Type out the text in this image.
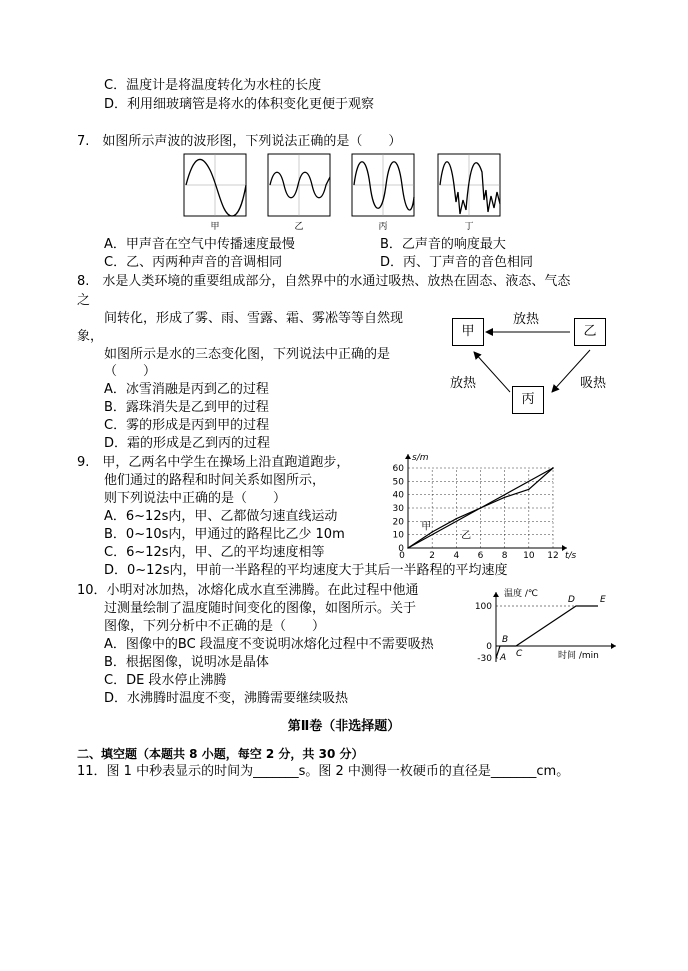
C．温度计是将温度转化为水柱的长度
D．利用细玻璃管是将水的体积变化更便于观察
7.　如图所示声波的波形图，下列说法正确的是（　　）
甲	乙	丙	丁
A．甲声音在空气中传播速度最慢	B．乙声音的响度最大
C．乙、丙两种声音的音调相同	D．丙、丁声音的音色相同
8.　水是人类环境的重要组成部分，自然界中的水通过吸热、放热在固态、液态、气态
之
间转化，形成了雾、雨、雪露、霜、雾凇等等自然现
象，
如图所示是水的三态变化图，下列说法中正确的是
（　　）
A．冰雪消融是丙到乙的过程
B．露珠消失是乙到甲的过程
C．雾的形成是丙到甲的过程
D．霜的形成是乙到丙的过程
甲	乙
丙
放热
放热	吸热
9.　甲，乙两名中学生在操场上沿直跑道跑步，
他们通过的路程和时间关系如图所示，
则下列说法中正确的是（　　）
A．6~12s内，甲、乙都做匀速直线运动
B．0~10s内，甲通过的路程比乙少 10m
C．6~12s内，甲、乙的平均速度相等
D．0~12s内，甲前一半路程的平均速度大于其后一半路程的平均速度
0
10
20
30
40
50
60
2 4 6 8 10 12
0
s/m
t/s
甲
乙
10．小明对冰加热，冰熔化成水直至沸腾。在此过程中他通
过测量绘制了温度随时间变化的图像，如图所示。关于
图像，下列分析中不正确的是（　　）
A．图像中的BC 段温度不变说明冰熔化过程中不需要吸热
B．根据图像，说明冰是晶体
C．DE 段水停止沸腾
D．水沸腾时温度不变，沸腾需要继续吸热
温度 /℃
时间 /min
-30
0
100
A
B
C
D	E
第Ⅱ卷（非选择题）
二、填空题（本题共 8 小题，每空 2 分，共 30 分）
11．图 1 中秒表显示的时间为_______s。图 2 中测得一枚硬币的直径是_______cm。
